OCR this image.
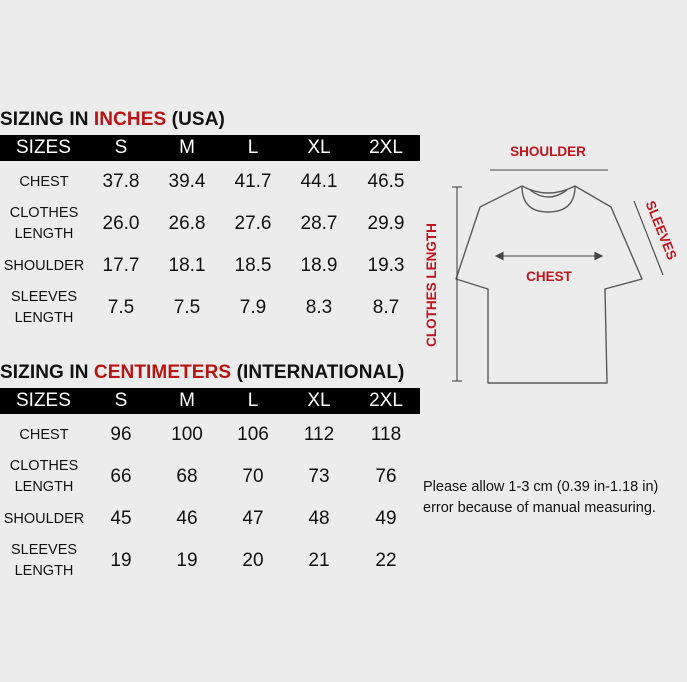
SIZING IN INCHES (USA)
SIZES	S	M	L	XL	2XL
CHEST	37.8	39.4	41.7	44.1	46.5
CLOTHES
LENGTH	26.0	26.8	27.6	28.7	29.9
SHOULDER	17.7	18.1	18.5	18.9	19.3
SLEEVES
LENGTH	7.5	7.5	7.9	8.3	8.7
SIZING IN CENTIMETERS (INTERNATIONAL)
SIZES	S	M	L	XL	2XL
CHEST	96	100	106	112	118
CLOTHES
LENGTH	66	68	70	73	76
SHOULDER	45	46	47	48	49
SLEEVES
LENGTH	19	19	20	21	22
SHOULDER
CHEST
CLOTHES LENGTH	SLEEVES
Please allow 1-3 cm (0.39 in-1.18 in)
error because of manual measuring.
